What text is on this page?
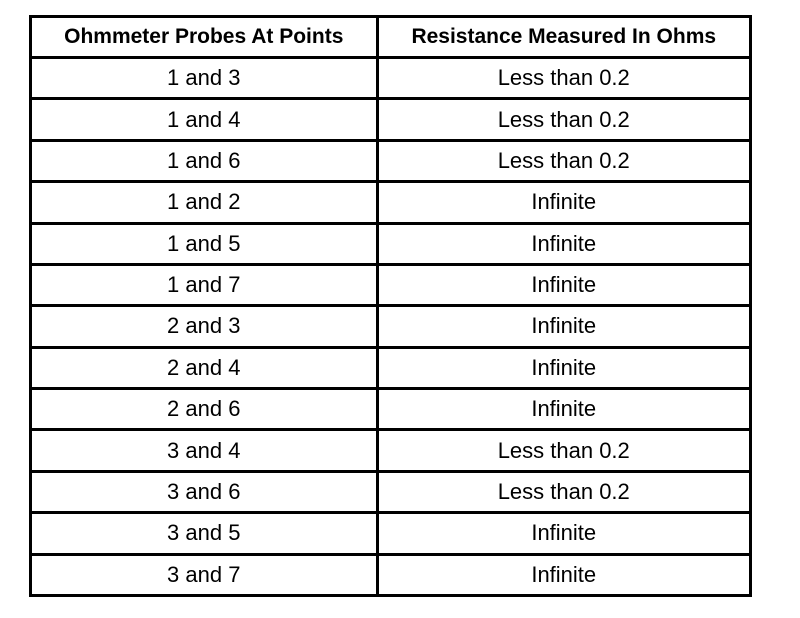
Ohmmeter Probes At Points	Resistance Measured In Ohms
1 and 3	Less than 0.2
1 and 4	Less than 0.2
1 and 6	Less than 0.2
1 and 2	Infinite
1 and 5	Infinite
1 and 7	Infinite
2 and 3	Infinite
2 and 4	Infinite
2 and 6	Infinite
3 and 4	Less than 0.2
3 and 6	Less than 0.2
3 and 5	Infinite
3 and 7	Infinite
